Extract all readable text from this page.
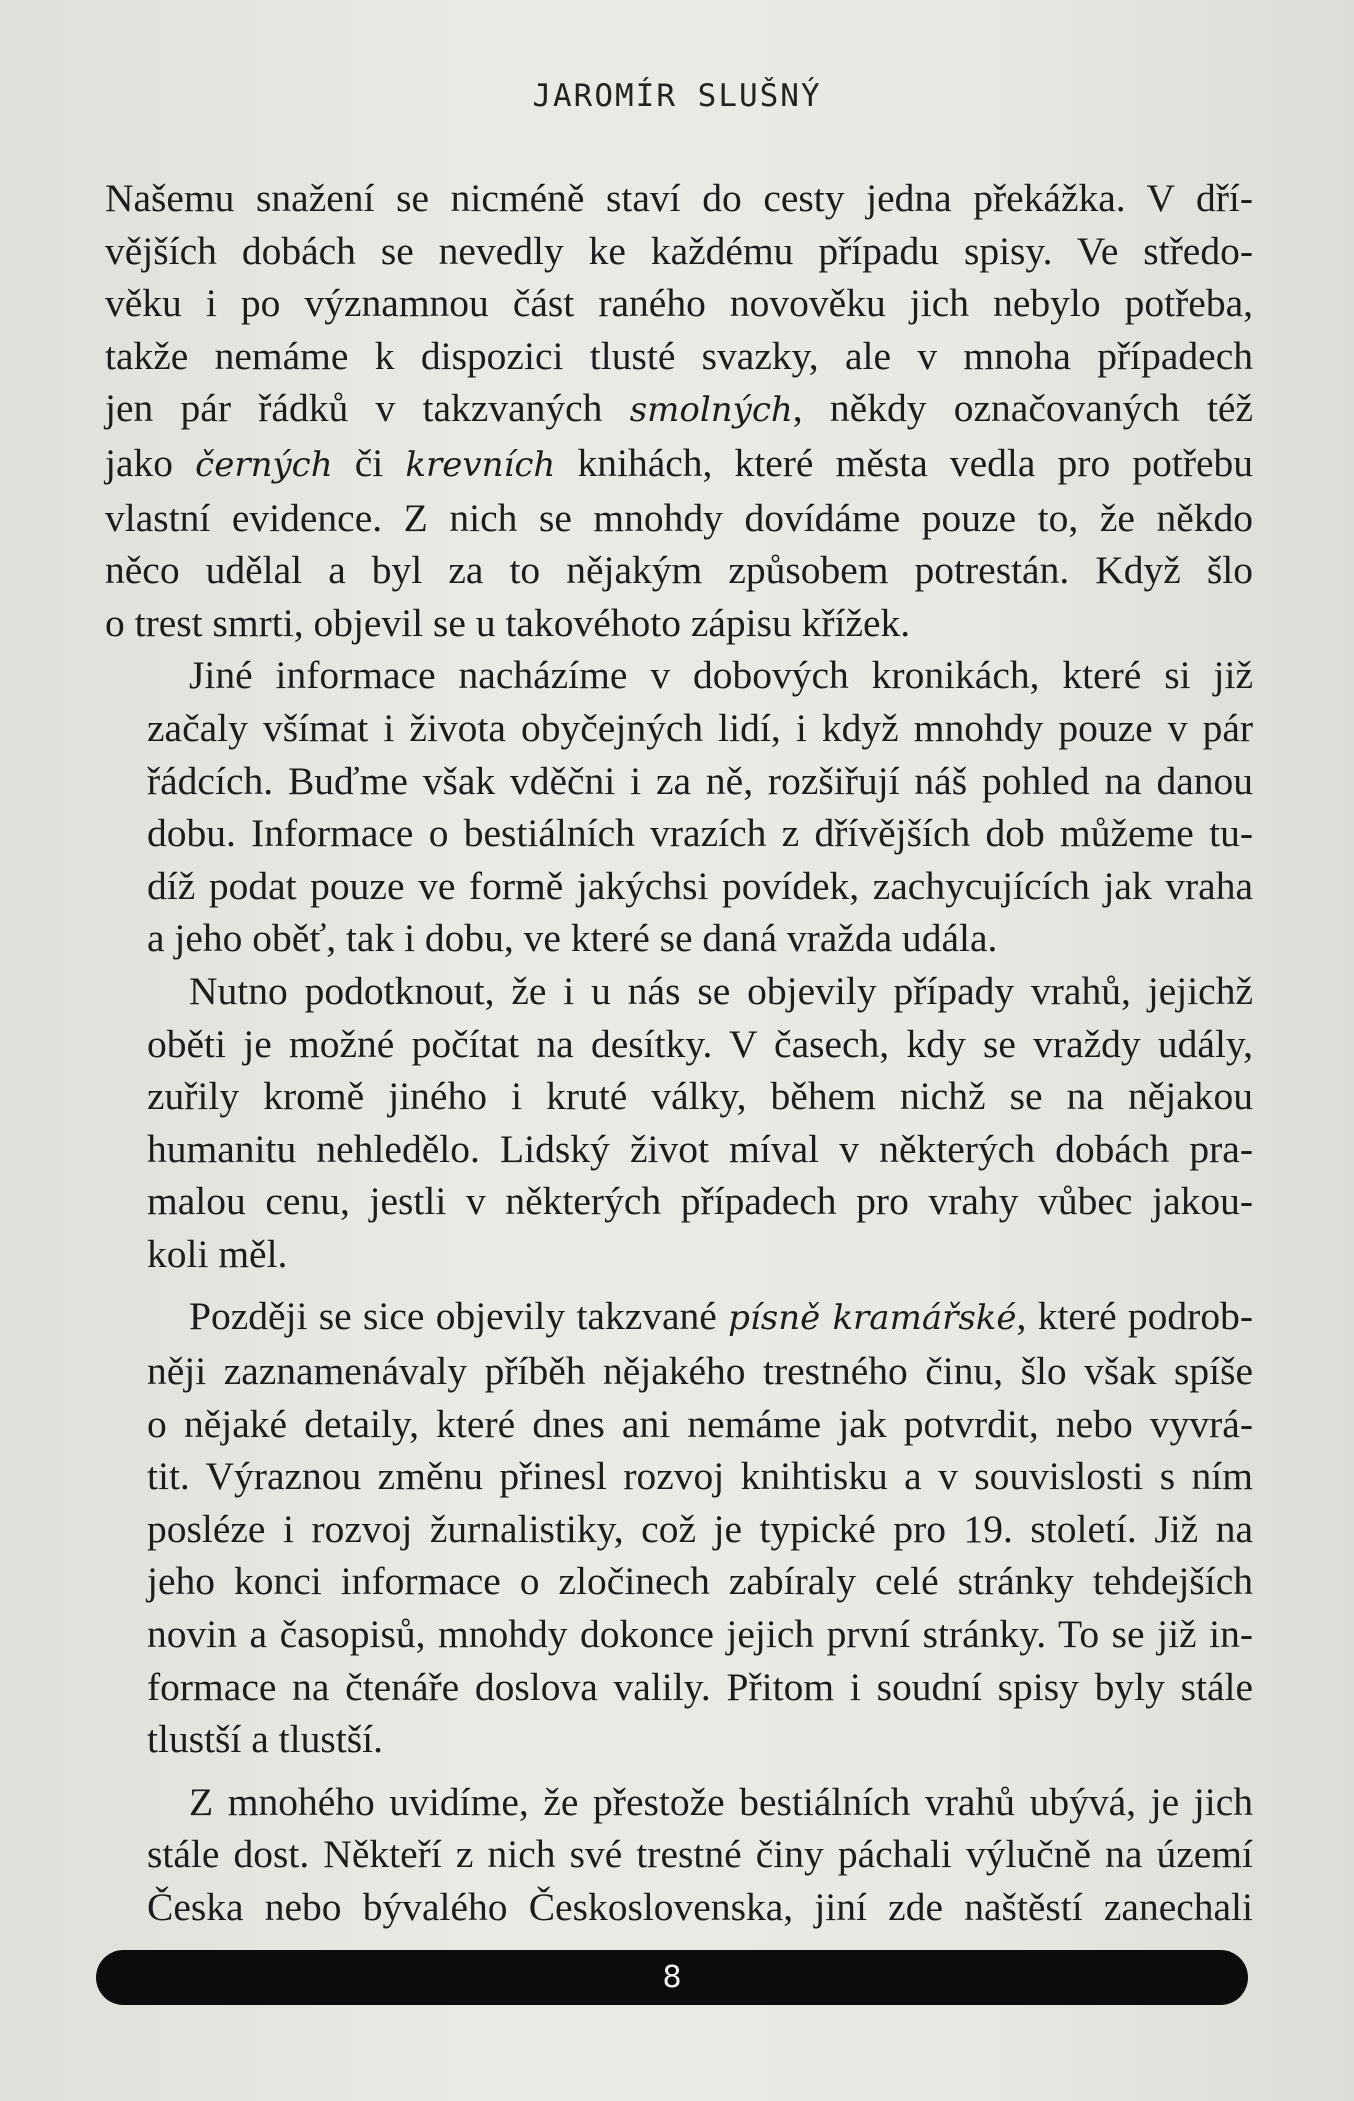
JAROMÍR SLUŠNÝ
Našemu snažení se nicméně staví do cesty jedna překážka. V dří-
vějších dobách se nevedly ke každému případu spisy. Ve středo-
věku i po významnou část raného novověku jich nebylo potřeba,
takže nemáme k dispozici tlusté svazky, ale v mnoha případech
jen pár řádků v takzvaných smolných, někdy označovaných též
jako černých či krevních knihách, které města vedla pro potřebu
vlastní evidence. Z nich se mnohdy dovídáme pouze to, že někdo
něco udělal a byl za to nějakým způsobem potrestán. Když šlo
o trest smrti, objevil se u takovéhoto zápisu křížek.
Jiné informace nacházíme v dobových kronikách, které si již
začaly všímat i života obyčejných lidí, i když mnohdy pouze v pár
řádcích. Buďme však vděčni i za ně, rozšiřují náš pohled na danou
dobu. Informace o bestiálních vrazích z dřívějších dob můžeme tu-
díž podat pouze ve formě jakýchsi povídek, zachycujících jak vraha
a jeho oběť, tak i dobu, ve které se daná vražda udála.
Nutno podotknout, že i u nás se objevily případy vrahů, jejichž
oběti je možné počítat na desítky. V časech, kdy se vraždy udály,
zuřily kromě jiného i kruté války, během nichž se na nějakou
humanitu nehledělo. Lidský život míval v některých dobách pra-
malou cenu, jestli v některých případech pro vrahy vůbec jakou-
koli měl.
Později se sice objevily takzvané písně kramářské, které podrob-
něji zaznamenávaly příběh nějakého trestného činu, šlo však spíše
o nějaké detaily, které dnes ani nemáme jak potvrdit, nebo vyvrá-
tit. Výraznou změnu přinesl rozvoj knihtisku a v souvislosti s ním
posléze i rozvoj žurnalistiky, což je typické pro 19. století. Již na
jeho konci informace o zločinech zabíraly celé stránky tehdejších
novin a časopisů, mnohdy dokonce jejich první stránky. To se již in-
formace na čtenáře doslova valily. Přitom i soudní spisy byly stále
tlustší a tlustší.
Z mnohého uvidíme, že přestože bestiálních vrahů ubývá, je jich
stále dost. Někteří z nich své trestné činy páchali výlučně na území
Česka nebo bývalého Československa, jiní zde naštěstí zanechali
8
